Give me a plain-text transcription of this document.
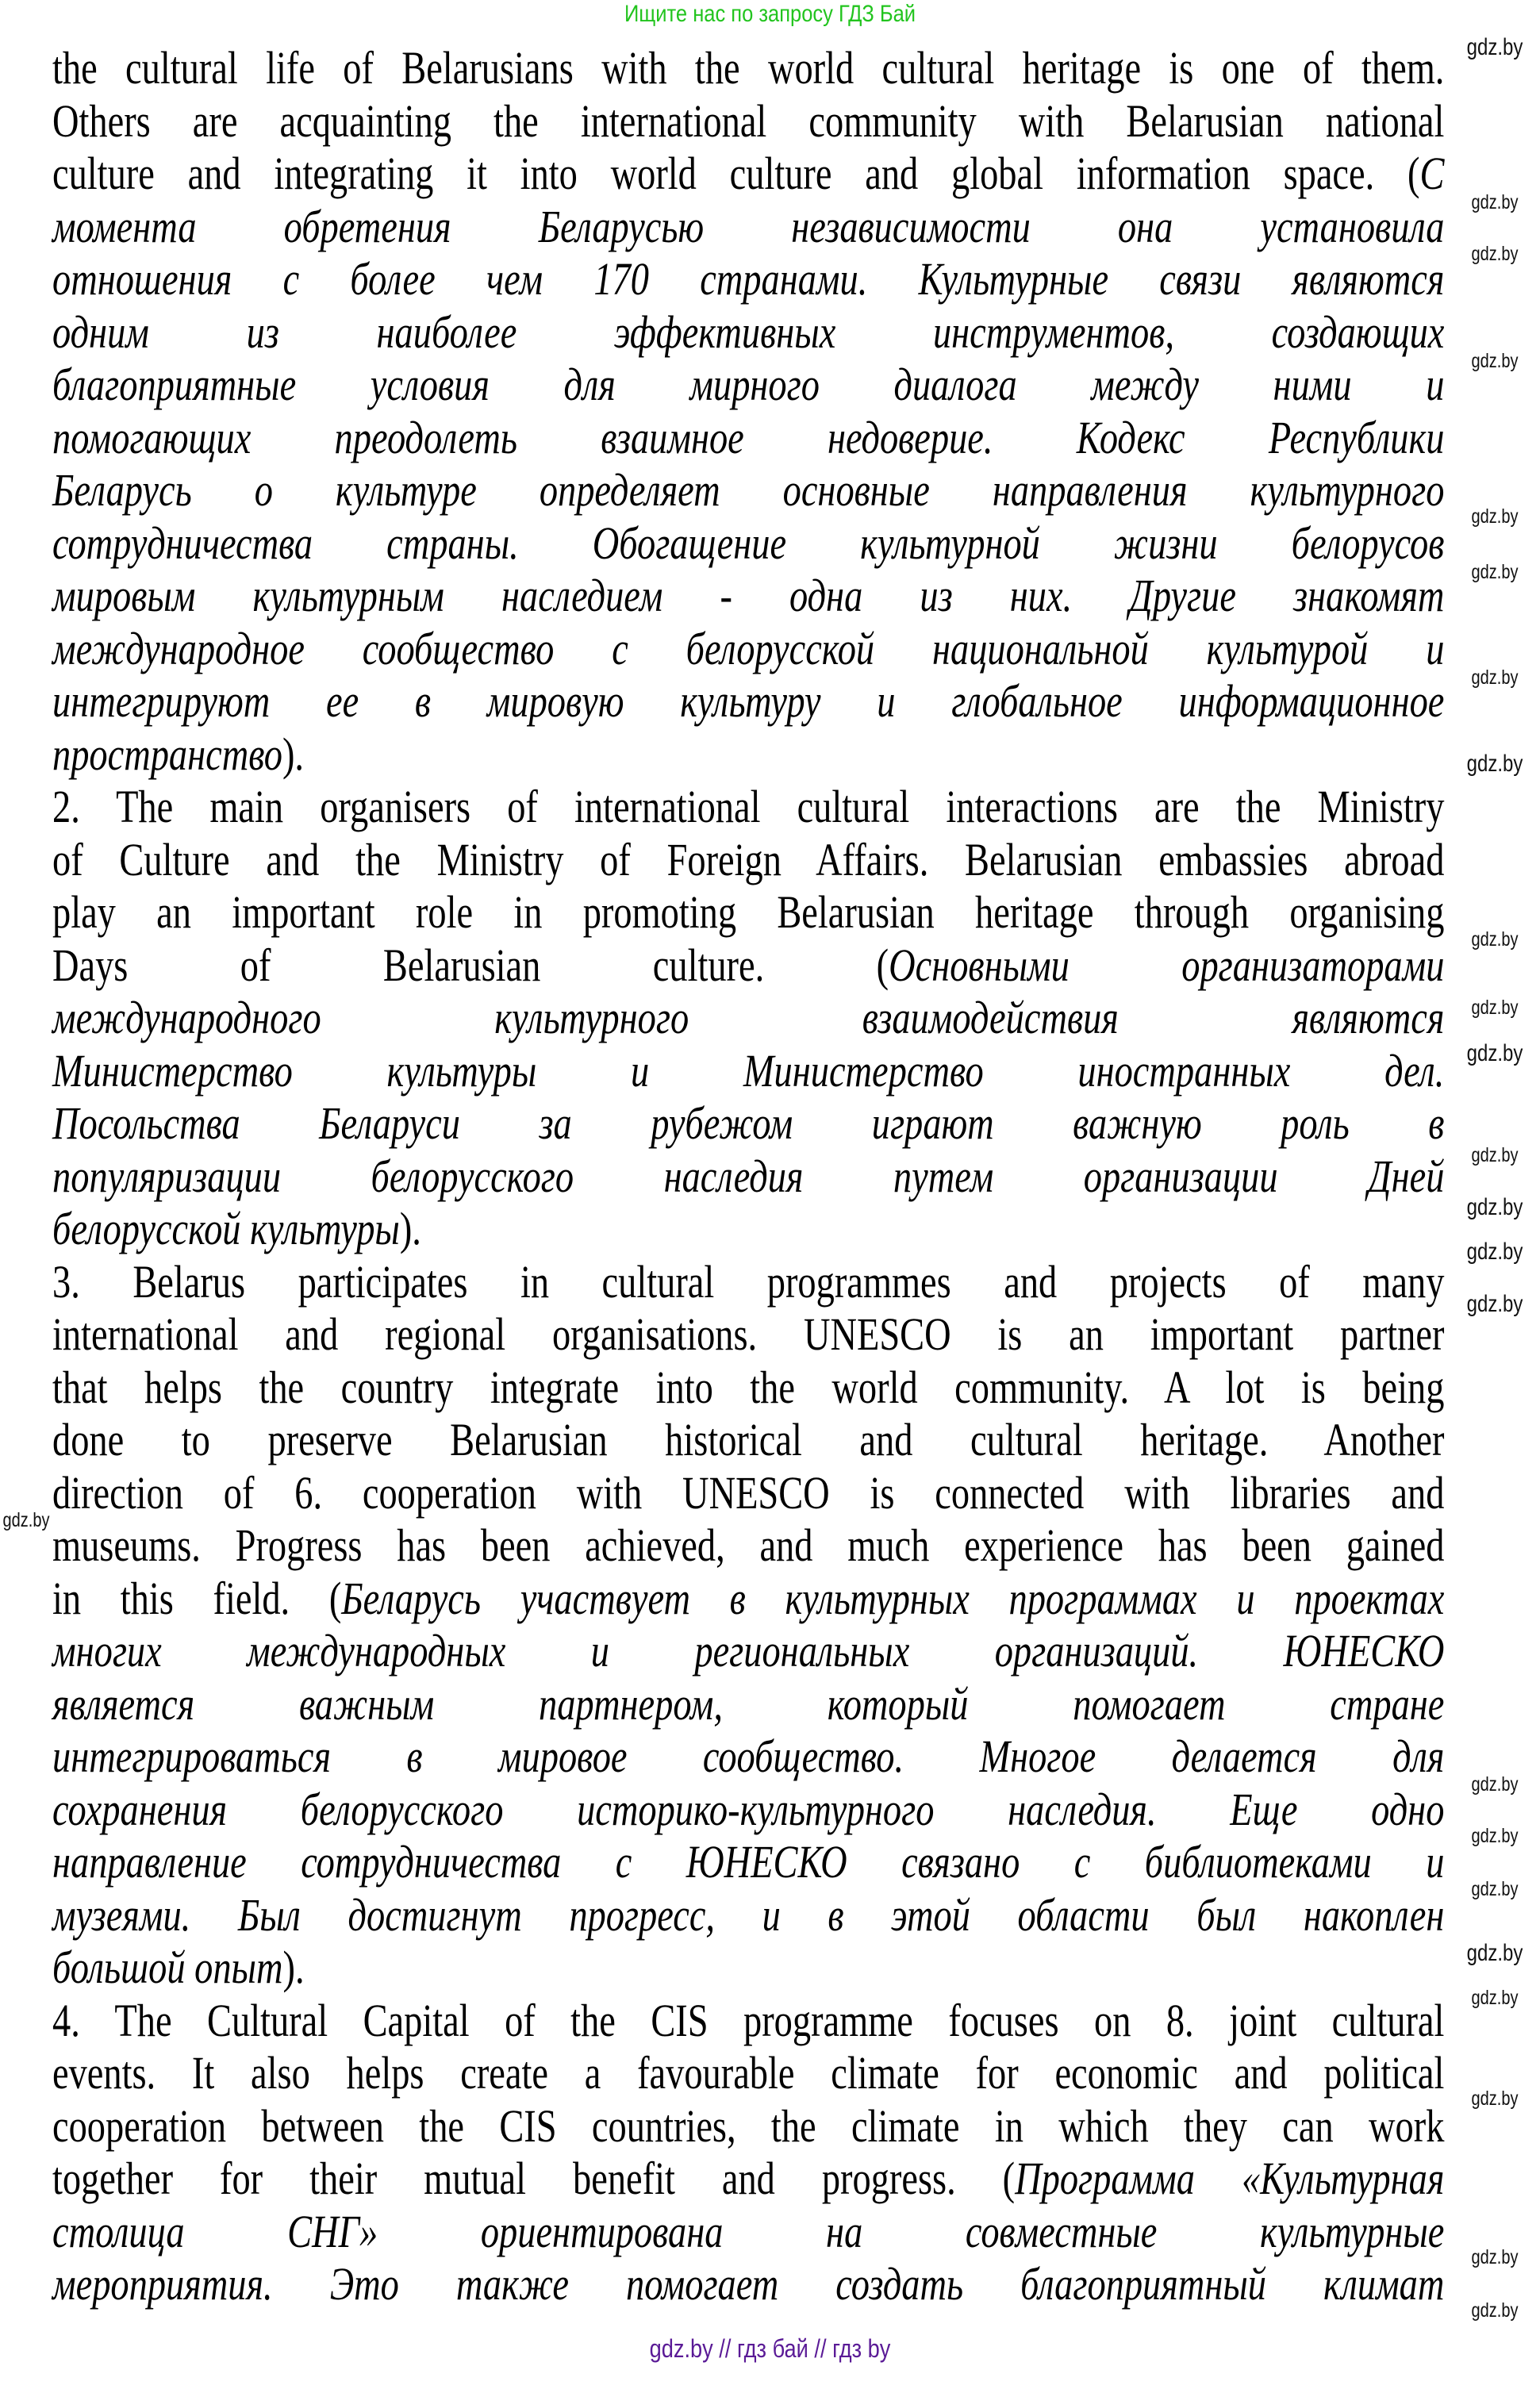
Ищите нас по запросу ГДЗ Бай
the cultural life of Belarusians with the world cultural heritage is one of them.
Others are acquainting the international community with Belarusian national
culture and integrating it into world culture and global information space. (С
момента обретения Беларусью независимости она установила
отношения с более чем 170 странами. Культурные связи являются
одним из наиболее эффективных инструментов, создающих
благоприятные условия для мирного диалога между ними и
помогающих преодолеть взаимное недоверие. Кодекс Республики
Беларусь о культуре определяет основные направления культурного
сотрудничества страны. Обогащение культурной жизни белорусов
мировым культурным наследием - одна из них. Другие знакомят
международное сообщество с белорусской национальной культурой и
интегрируют ее в мировую культуру и глобальное информационное
пространство).
2. The main organisers of international cultural interactions are the Ministry
of Culture and the Ministry of Foreign Affairs. Belarusian embassies abroad
play an important role in promoting Belarusian heritage through organising
Days of Belarusian culture. (Основными организаторами
международного культурного взаимодействия являются
Министерство культуры и Министерство иностранных дел.
Посольства Беларуси за рубежом играют важную роль в
популяризации белорусского наследия путем организации Дней
белорусской культуры).
3. Belarus participates in cultural programmes and projects of many
international and regional organisations. UNESCO is an important partner
that helps the country integrate into the world community. A lot is being
done to preserve Belarusian historical and cultural heritage. Another
direction of 6. cooperation with UNESCO is connected with libraries and
museums. Progress has been achieved, and much experience has been gained
in this field. (Беларусь участвует в культурных программах и проектах
многих международных и региональных организаций. ЮНЕСКО
является важным партнером, который помогает стране
интегрироваться в мировое сообщество. Многое делается для
сохранения белорусского историко-культурного наследия. Еще одно
направление сотрудничества с ЮНЕСКО связано с библиотеками и
музеями. Был достигнут прогресс, и в этой области был накоплен
большой опыт).
4. The Cultural Capital of the CIS programme focuses on 8. joint cultural
events. It also helps create a favourable climate for economic and political
cooperation between the CIS countries, the climate in which they can work
together for their mutual benefit and progress. (Программа «Культурная
столица СНГ» ориентирована на совместные культурные
мероприятия. Это также помогает создать благоприятный климат
gdz.by
gdz.by
gdz.by
gdz.by
gdz.by
gdz.by
gdz.by
gdz.by
gdz.by
gdz.by
gdz.by
gdz.by
gdz.by
gdz.by
gdz.by
gdz.by
gdz.by
gdz.by
gdz.by
gdz.by
gdz.by
gdz.by
gdz.by
gdz.by
gdz.by // гдз бай // гдз by
